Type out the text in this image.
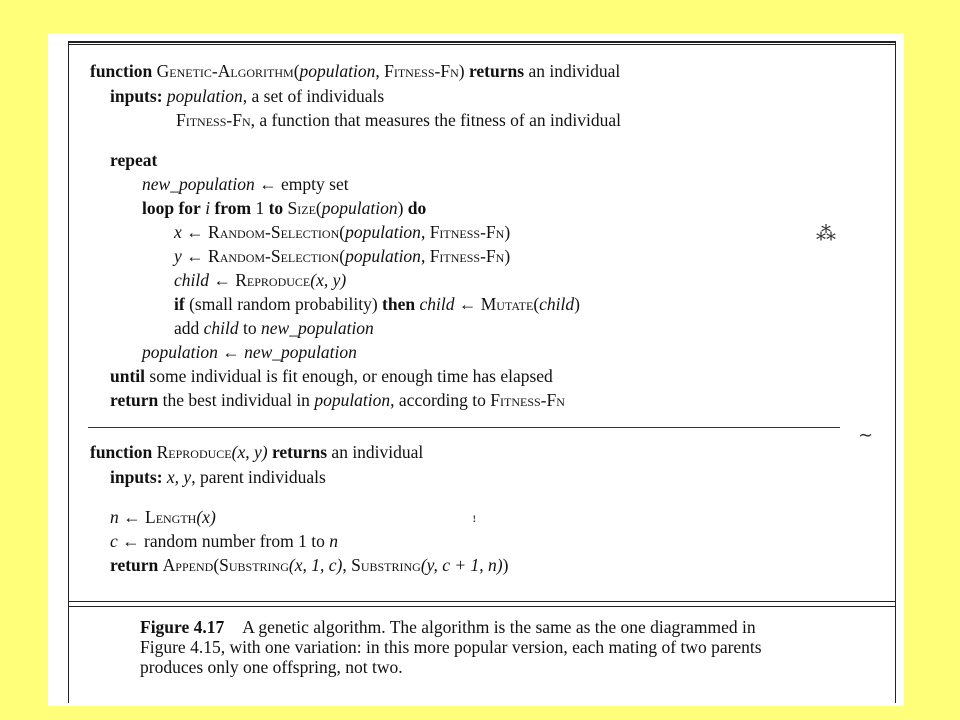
function Genetic-Algorithm(population, Fitness-Fn) returns an individual
inputs: population, a set of individuals
Fitness-Fn, a function that measures the fitness of an individual
repeat
new_population ← empty set
loop for i from 1 to Size(population) do
x ← Random-Selection(population, Fitness-Fn)
y ← Random-Selection(population, Fitness-Fn)
child ← Reproduce(x, y)
if (small random probability) then child ← Mutate(child)
add child to new_population
population ← new_population
until some individual is fit enough, or enough time has elapsed
return the best individual in population, according to Fitness-Fn
function Reproduce(x, y) returns an individual
inputs: x, y, parent individuals
n ← Length(x)
c ← random number from 1 to n
return Append(Substring(x, 1, c), Substring(y, c + 1, n))
Figure 4.17 A genetic algorithm. The algorithm is the same as the one diagrammed in
Figure 4.15, with one variation: in this more popular version, each mating of two parents
produces only one offspring, not two.
⁂
∼
ꜝ
